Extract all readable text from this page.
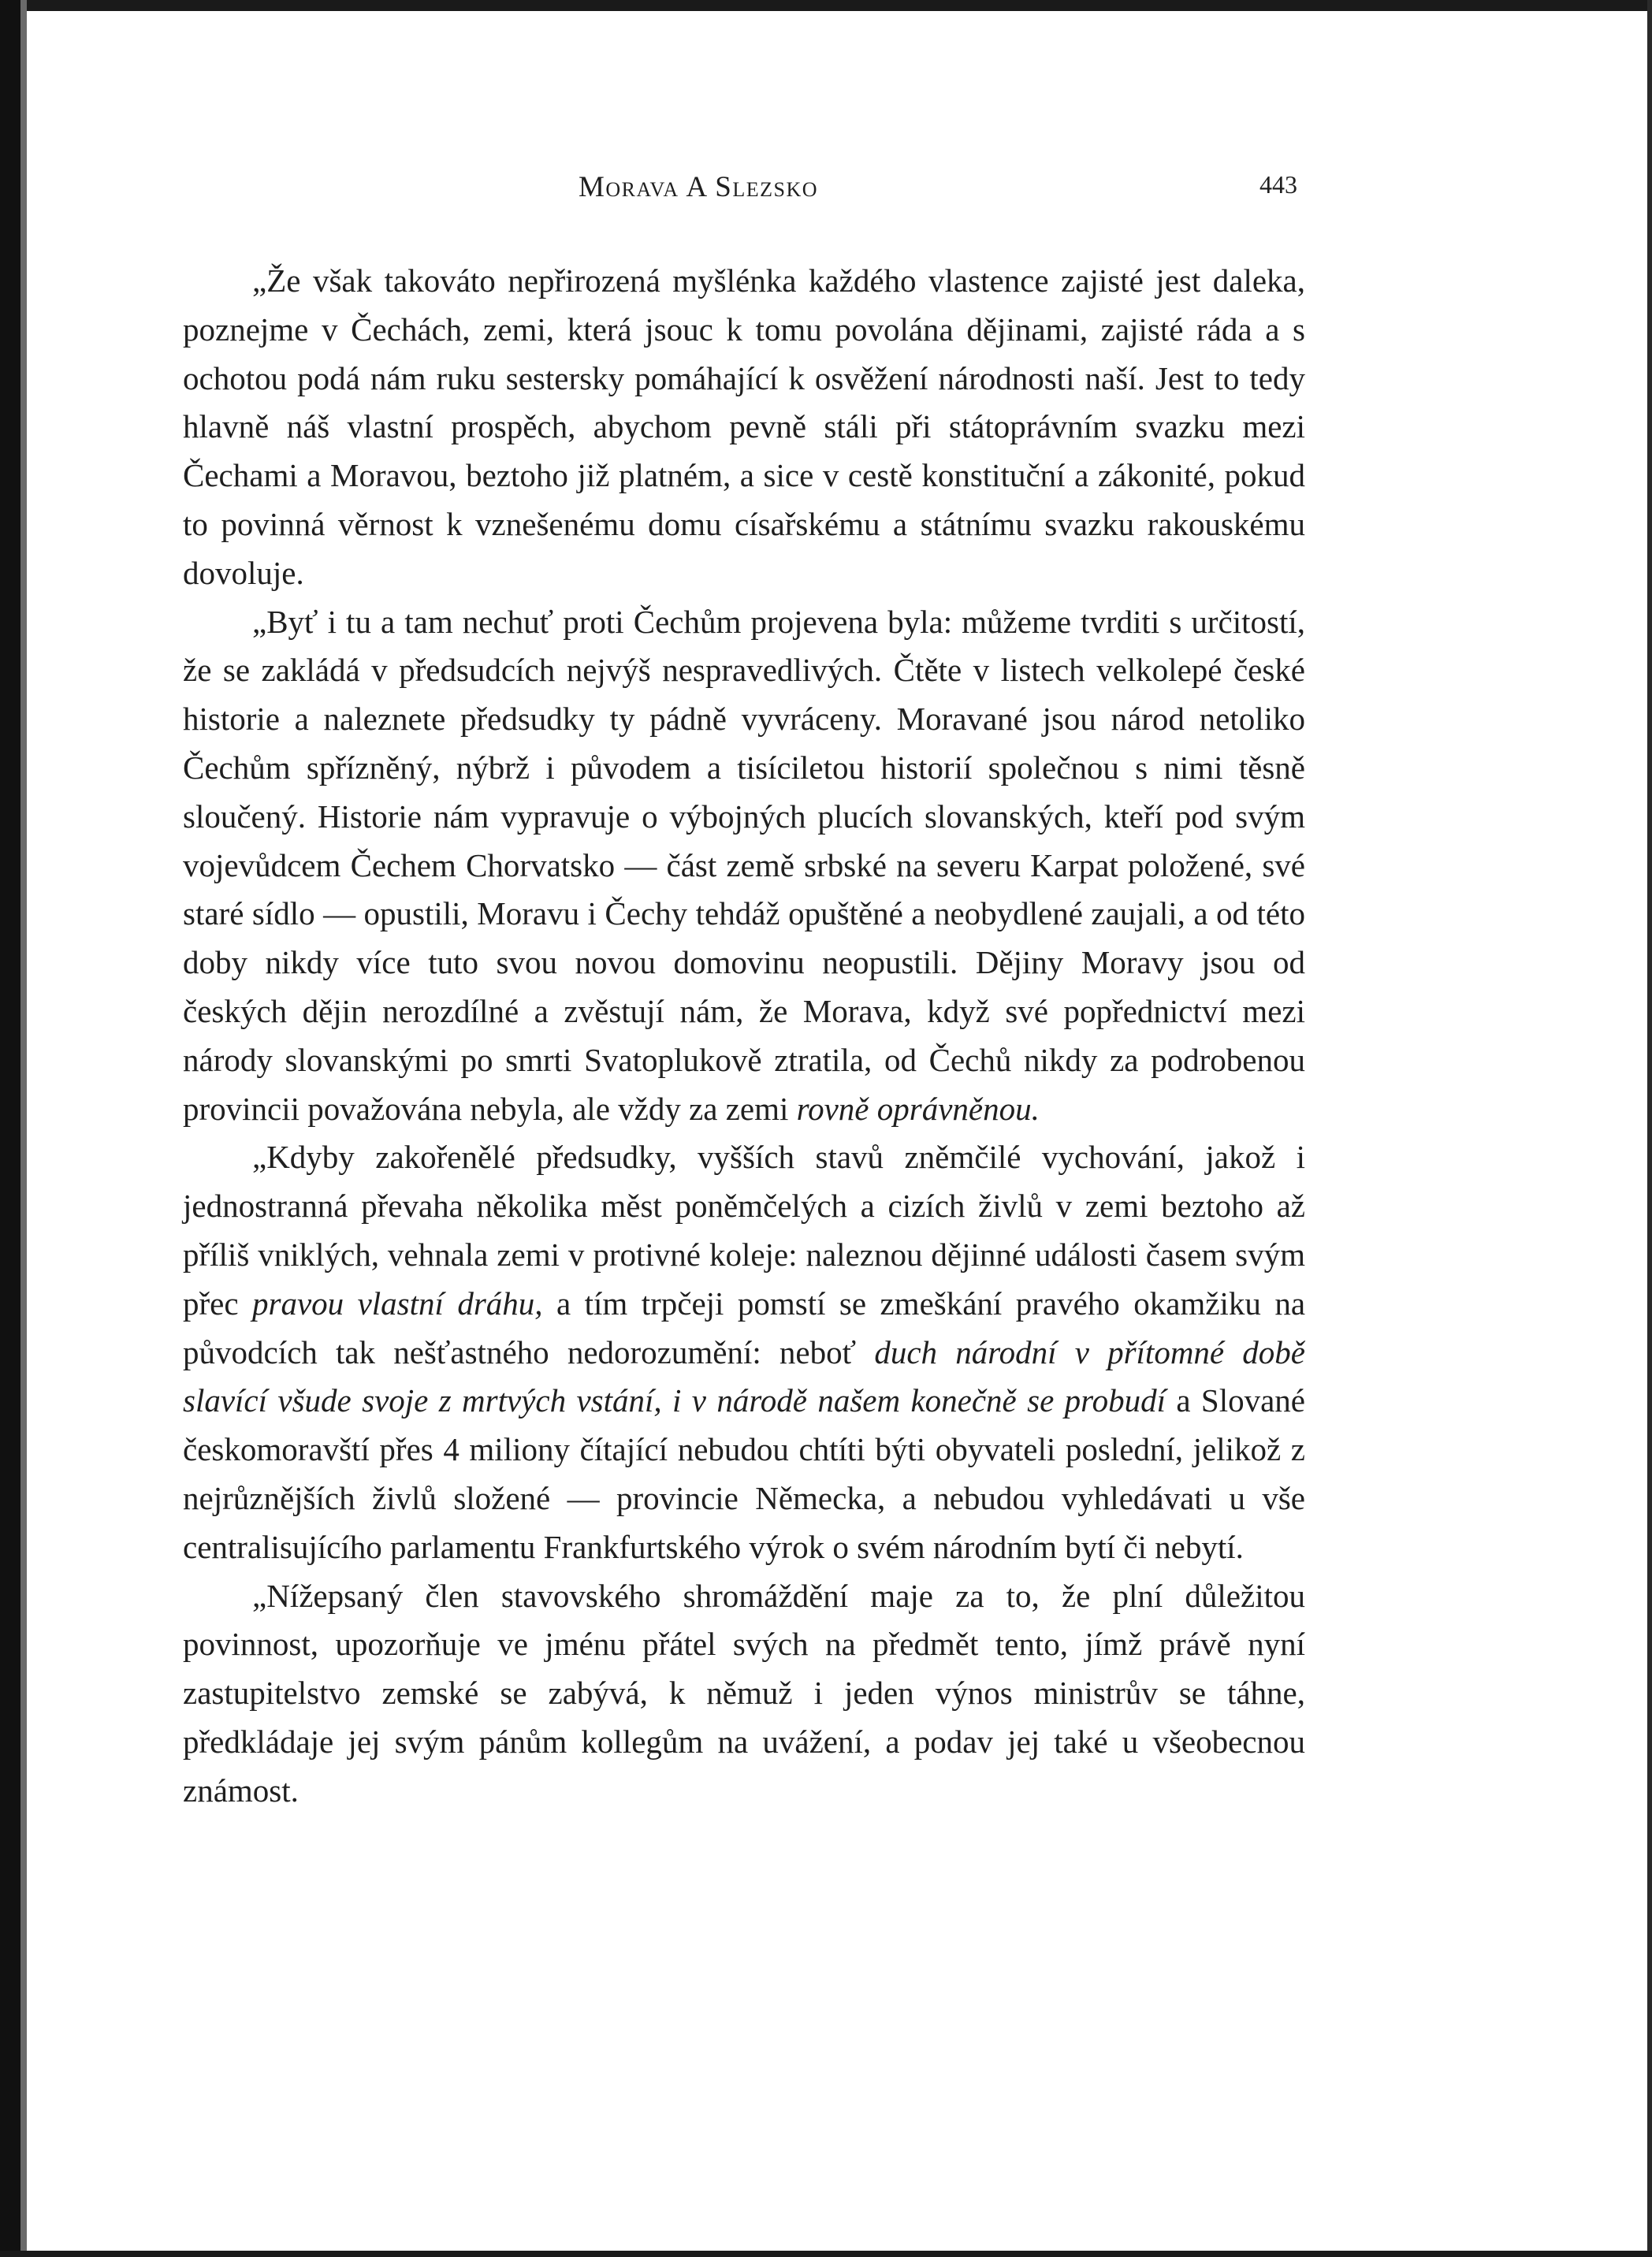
Morava A Slezsko	443

„Že však takováto nepřirozená myšlénka každého vlastence zajisté jest daleka, poznejme v Čechách, zemi, která jsouc k tomu povolána dějinami, zajisté ráda a s ochotou podá nám ruku sestersky pomáhající k osvěžení národnosti naší. Jest to tedy hlavně náš vlastní prospěch, abychom pevně stáli při státoprávním svazku mezi Čechami a Moravou, beztoho již platném, a sice v cestě konstituční a zákonité, pokud to povinná věrnost k vznešenému domu císařskému a státnímu svazku rakouskému dovoluje.

„Byť i tu a tam nechuť proti Čechům projevena byla: můžeme tvrditi s určitostí, že se zakládá v předsudcích nejvýš nespravedlivých. Čtěte v listech velkolepé české historie a naleznete předsudky ty pádně vyvráceny. Moravané jsou národ netoliko Čechům spřízněný, nýbrž i původem a tisíciletou historií společnou s nimi těsně sloučený. Historie nám vypravuje o výbojných plucích slovanských, kteří pod svým vojevůdcem Čechem Chorvatsko — část země srbské na severu Karpat položené, své staré sídlo — opustili, Moravu i Čechy tehdáž opuštěné a neobydlené zaujali, a od této doby nikdy více tuto svou novou domovinu neopustili. Dějiny Moravy jsou od českých dějin nerozdílné a zvěstují nám, že Morava, když své popřednictví mezi národy slovanskými po smrti Svatoplukově ztratila, od Čechů nikdy za podrobenou provincii považována nebyla, ale vždy za zemi rovně oprávněnou.

„Kdyby zakořenělé předsudky, vyšších stavů zněmčilé vychování, jakož i jednostranná převaha několika měst poněmčelých a cizích živlů v zemi beztoho až příliš vniklých, vehnala zemi v protivné koleje: naleznou dějinné události časem svým přec pravou vlastní dráhu, a tím trpčeji pomstí se zmeškání pravého okamžiku na původcích tak nešťastného nedorozumění: neboť duch národní v přítomné době slavící všude svoje z mrtvých vstání, i v národě našem konečně se probudí a Slované českomoravští přes 4 miliony čítající nebudou chtíti býti obyvateli poslední, jelikož z nejrůznějších živlů složené — provincie Německa, a nebudou vyhledávati u vše centralisujícího parlamentu Frankfurtského výrok o svém národním bytí či nebytí.

„Nížepsaný člen stavovského shromáždění maje za to, že plní důležitou povinnost, upozorňuje ve jménu přátel svých na předmět tento, jímž právě nyní zastupitelstvo zemské se zabývá, k němuž i jeden výnos ministrův se táhne, předkládaje jej svým pánům kollegům na uvážení, a podav jej také u všeobecnou známost.
